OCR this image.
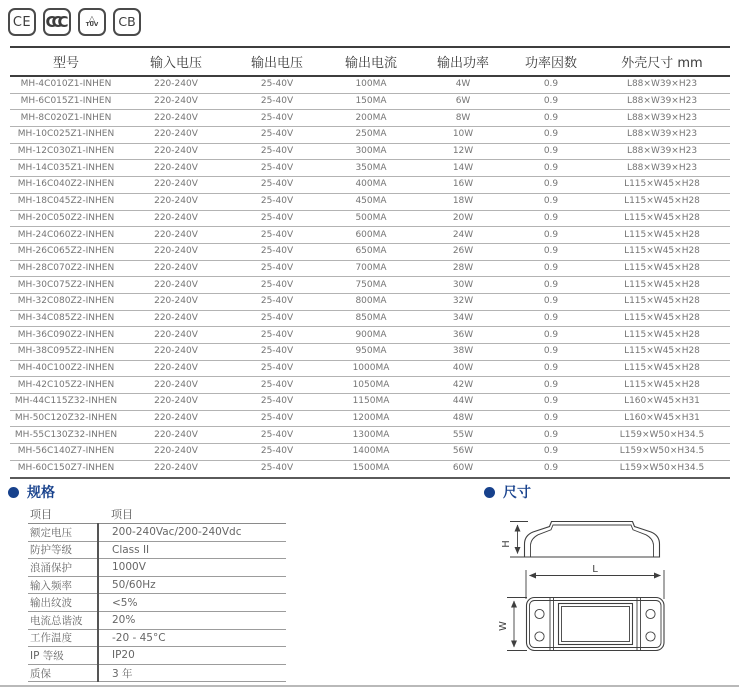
CE CCC	△
TÜV CB
型号	输入电压	输出电压	输出电流	输出功率	功率因数	外壳尺寸 mm
MH-4C010Z1-INHEN	220-240V	25-40V	100MA	4W	0.9	L88×W39×H23
MH-6C015Z1-INHEN	220-240V	25-40V	150MA	6W	0.9	L88×W39×H23
MH-8C020Z1-INHEN	220-240V	25-40V	200MA	8W	0.9	L88×W39×H23
MH-10C025Z1-INHEN	220-240V	25-40V	250MA	10W	0.9	L88×W39×H23
MH-12C030Z1-INHEN	220-240V	25-40V	300MA	12W	0.9	L88×W39×H23
MH-14C035Z1-INHEN	220-240V	25-40V	350MA	14W	0.9	L88×W39×H23
MH-16C040Z2-INHEN	220-240V	25-40V	400MA	16W	0.9	L115×W45×H28
MH-18C045Z2-INHEN	220-240V	25-40V	450MA	18W	0.9	L115×W45×H28
MH-20C050Z2-INHEN	220-240V	25-40V	500MA	20W	0.9	L115×W45×H28
MH-24C060Z2-INHEN	220-240V	25-40V	600MA	24W	0.9	L115×W45×H28
MH-26C065Z2-INHEN	220-240V	25-40V	650MA	26W	0.9	L115×W45×H28
MH-28C070Z2-INHEN	220-240V	25-40V	700MA	28W	0.9	L115×W45×H28
MH-30C075Z2-INHEN	220-240V	25-40V	750MA	30W	0.9	L115×W45×H28
MH-32C080Z2-INHEN	220-240V	25-40V	800MA	32W	0.9	L115×W45×H28
MH-34C085Z2-INHEN	220-240V	25-40V	850MA	34W	0.9	L115×W45×H28
MH-36C090Z2-INHEN	220-240V	25-40V	900MA	36W	0.9	L115×W45×H28
MH-38C095Z2-INHEN	220-240V	25-40V	950MA	38W	0.9	L115×W45×H28
MH-40C100Z2-INHEN	220-240V	25-40V	1000MA	40W	0.9	L115×W45×H28
MH-42C105Z2-INHEN	220-240V	25-40V	1050MA	42W	0.9	L115×W45×H28
MH-44C115Z32-INHEN	220-240V	25-40V	1150MA	44W	0.9	L160×W45×H31
MH-50C120Z32-INHEN	220-240V	25-40V	1200MA	48W	0.9	L160×W45×H31
MH-55C130Z32-INHEN	220-240V	25-40V	1300MA	55W	0.9	L159×W50×H34.5
MH-56C140Z7-INHEN	220-240V	25-40V	1400MA	56W	0.9	L159×W50×H34.5
MH-60C150Z7-INHEN	220-240V	25-40V	1500MA	60W	0.9	L159×W50×H34.5
规格
项目	项目
额定电压	200-240Vac/200-240Vdc
防护等级	Class II
浪涌保护	1000V
输入频率	50/60Hz
输出纹波	<5%
电流总谐波	20%
工作温度	-20 - 45°C
IP 等级	IP20
质保	3 年
尺寸
H
L
W
